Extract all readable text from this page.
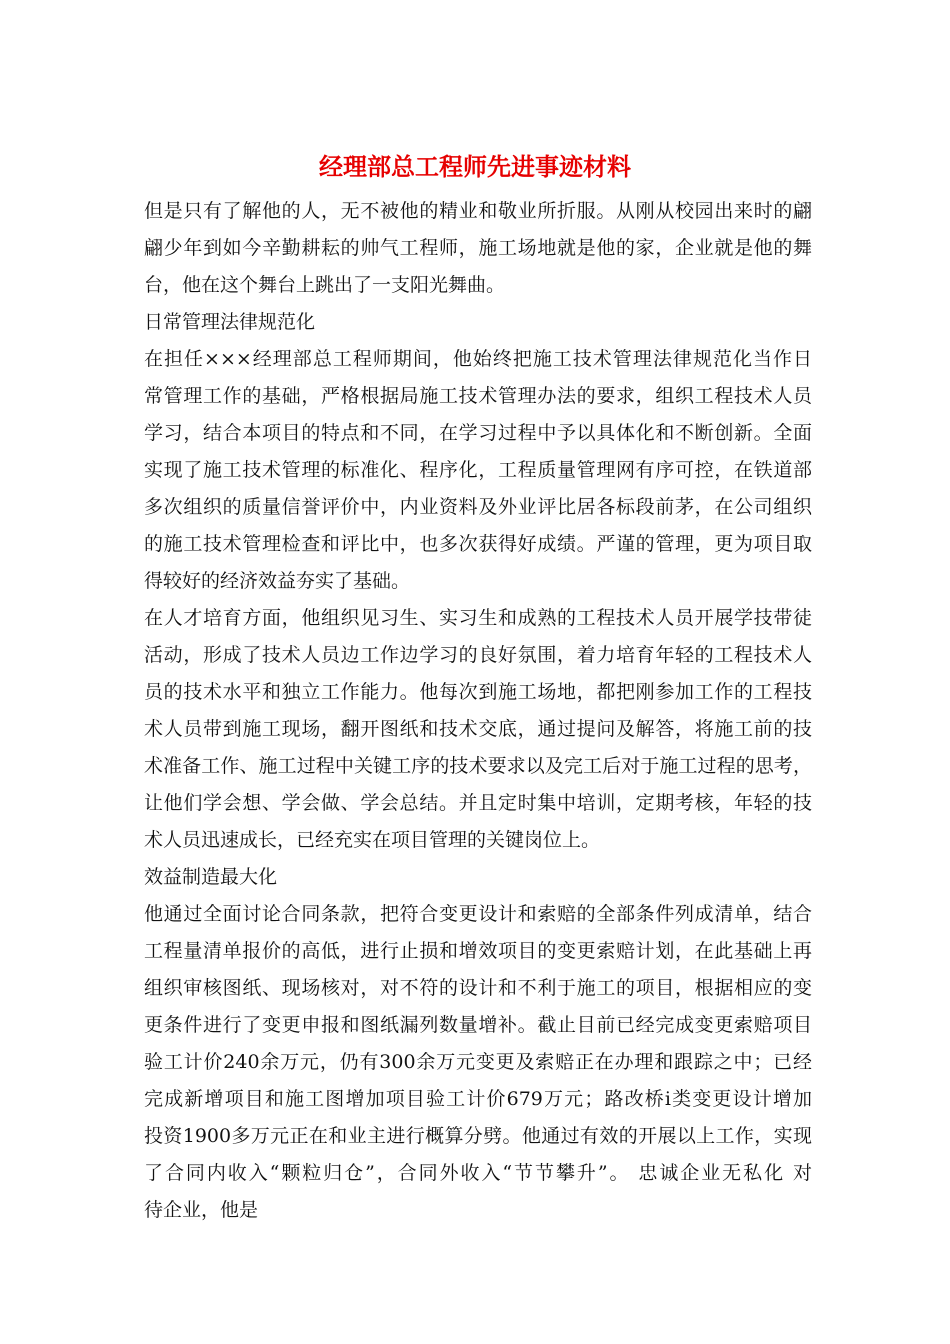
经理部总工程师先进事迹材料
但是只有了解他的人，无不被他的精业和敬业所折服。从刚从校园出来时的翩
翩少年到如今辛勤耕耘的帅气工程师，施工场地就是他的家，企业就是他的舞
台，他在这个舞台上跳出了一支阳光舞曲。
日常管理法律规范化
在担任×××经理部总工程师期间，他始终把施工技术管理法律规范化当作日
常管理工作的基础，严格根据局施工技术管理办法的要求，组织工程技术人员
学习，结合本项目的特点和不同，在学习过程中予以具体化和不断创新。全面
实现了施工技术管理的标准化、程序化，工程质量管理网有序可控，在铁道部
多次组织的质量信誉评价中，内业资料及外业评比居各标段前茅，在公司组织
的施工技术管理检查和评比中，也多次获得好成绩。严谨的管理，更为项目取
得较好的经济效益夯实了基础。
在人才培育方面，他组织见习生、实习生和成熟的工程技术人员开展学技带徒
活动，形成了技术人员边工作边学习的良好氛围，着力培育年轻的工程技术人
员的技术水平和独立工作能力。他每次到施工场地，都把刚参加工作的工程技
术人员带到施工现场，翻开图纸和技术交底，通过提问及解答，将施工前的技
术准备工作、施工过程中关键工序的技术要求以及完工后对于施工过程的思考，
让他们学会想、学会做、学会总结。并且定时集中培训，定期考核，年轻的技
术人员迅速成长，已经充实在项目管理的关键岗位上。
效益制造最大化
他通过全面讨论合同条款，把符合变更设计和索赔的全部条件列成清单，结合
工程量清单报价的高低，进行止损和增效项目的变更索赔计划，在此基础上再
组织审核图纸、现场核对，对不符的设计和不利于施工的项目，根据相应的变
更条件进行了变更申报和图纸漏列数量增补。截止目前已经完成变更索赔项目
验工计价240余万元，仍有300余万元变更及索赔正在办理和跟踪之中；已经
完成新增项目和施工图增加项目验工计价679万元；路改桥ⅰ类变更设计增加
投资1900多万元正在和业主进行概算分劈。他通过有效的开展以上工作，实现
了合同内收入“颗粒归仓”，合同外收入“节节攀升”。 忠诚企业无私化 对
待企业，他是
